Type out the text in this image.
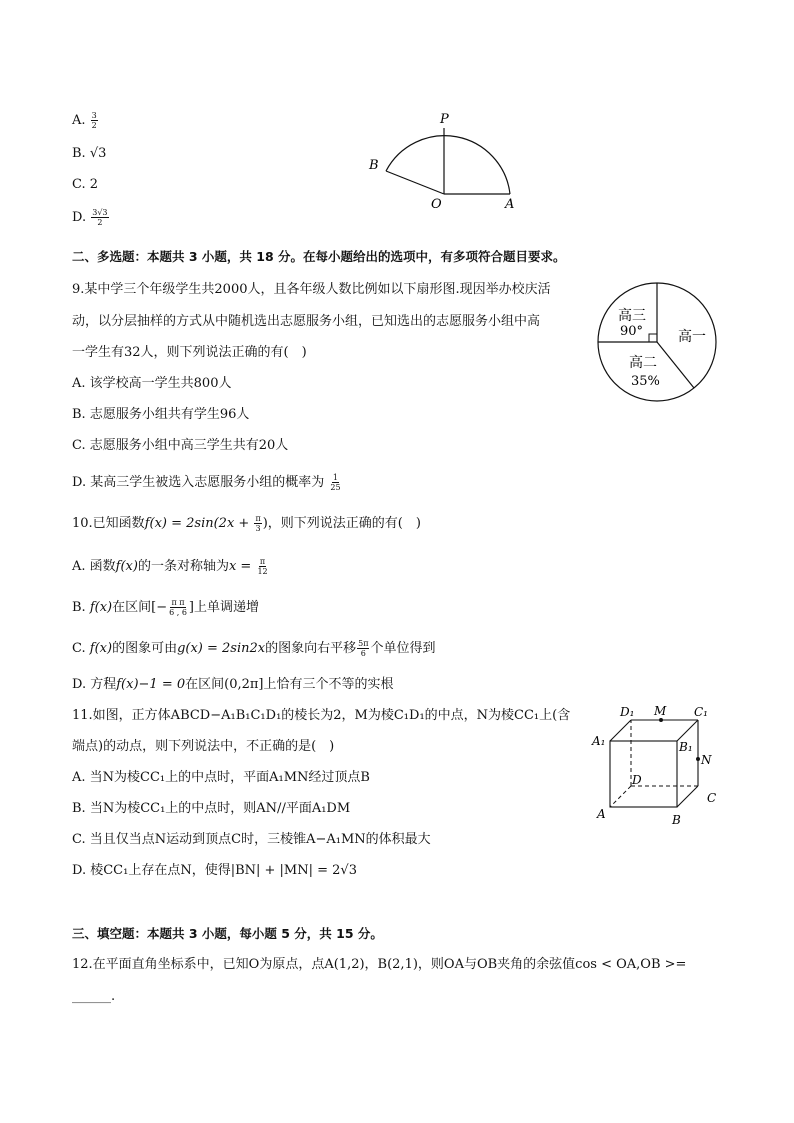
A. $\frac{3}{2}$
B. √3
C. 2
D. $\frac{3√3}{2}$
P
B
O	A
二、多选题：本题共 3 小题，共 18 分。在每小题给出的选项中，有多项符合题目要求。
9.某中学三个年级学生共2000人，且各年级人数比例如以下扇形图.现因举办校庆活
动，以分层抽样的方式从中随机选出志愿服务小组，已知选出的志愿服务小组中高
一学生有32人，则下列说法正确的有(　)
A. 该学校高一学生共800人
B. 志愿服务小组共有学生96人
C. 志愿服务小组中高三学生共有20人
D. 某高三学生被选入志愿服务小组的概率为 $\frac{1}{25}$
高三
90° 高一
高二
35%
10.已知函数$f(x) = 2\sin(2x + \frac{\pi}{3}$ )，则下列说法正确的有(　)
A. 函数f(x)的一条对称轴为$x = \frac{\pi}{12}$
B. f(x)在区间[− $\frac{\text{π π}}{6 , 6}$ ]上单调递增
C. f(x)的图象可由g(x) = 2sin2x的图象向右平移 $\frac{5\pi}{6}$ 个单位得到
D. 方程f(x)−1 = 0在区间(0,2π]上恰有三个不等的实根
11.如图，正方体ABCD−A₁B₁C₁D₁的棱长为2，M为棱C₁D₁的中点，N为棱CC₁上(含
端点)的动点，则下列说法中，不正确的是(　)
A. 当N为棱CC₁上的中点时，平面A₁MN经过顶点B
B. 当N为棱CC₁上的中点时，则AN//平面A₁DM
C. 当且仅当点N运动到顶点C时，三棱锥A−A₁MN的体积最大
D. 棱CC₁上存在点N，使得|BN| + |MN| = 2√3
D₁ M C₁
A₁	B₁
N
D
C
A	B
三、填空题：本题共 3 小题，每小题 5 分，共 15 分。
12.在平面直角坐标系中，已知O为原点，点A(1,2)，B(2,1)，则OA与OB夹角的余弦值cos < OA,OB >=
______.
